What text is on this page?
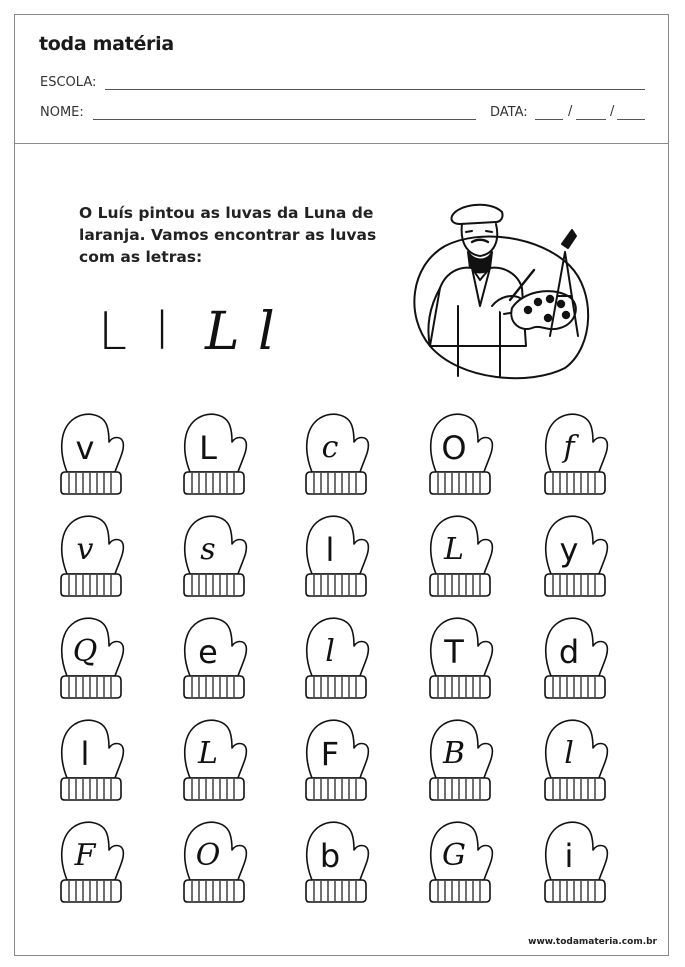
toda matéria
ESCOLA:
NOME:	DATA:	/	/
O Luís pintou as luvas da Luna de laranja. Vamos encontrar as luvas com as letras:
L l L l
v	L	c	O	f
v	s	l	L	y
Q	e	l	T	d
l	L	F	B	l
F	O	b	G	i
www.todamateria.com.br
